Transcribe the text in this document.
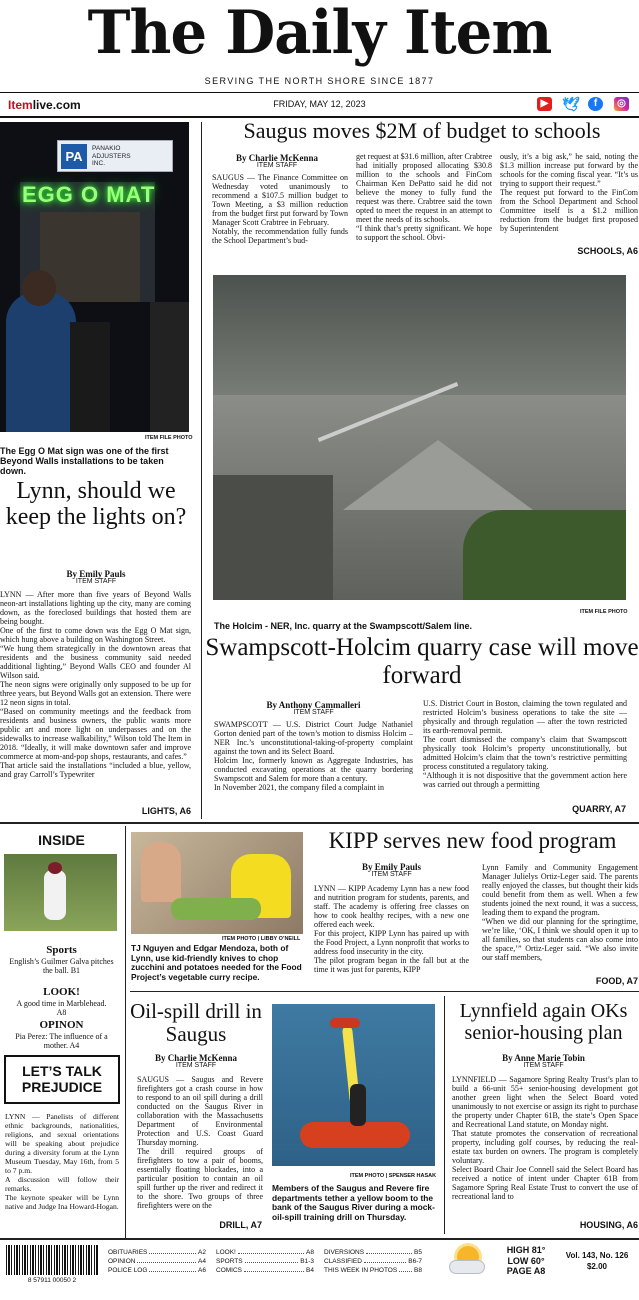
The Daily Item
SERVING THE NORTH SHORE SINCE 1877
Itemlive.com	FRIDAY, MAY 12, 2023	▶ 🕊	f	◎
PA
PANAKIO
ADJUSTERS
INC.
EGG O MAT
ITEM FILE PHOTO
The Egg O Mat sign was one of the first Beyond Walls installations to be taken down.
Lynn, should we keep the lights on?
By Emily Pauls
ITEM STAFF
LYNN — After more than five years of Beyond Walls neon-art installations lighting up the city, many are coming down, as the foreclosed buildings that hosted them are being bought.
One of the first to come down was the Egg O Mat sign, which hung above a building on Washington Street.
“We hung them strategically in the downtown areas that residents and the business community said needed additional lighting,” Beyond Walls CEO and founder Al Wilson said.
The neon signs were originally only supposed to be up for three years, but Beyond Walls got an extension. There were 12 neon signs in total.
“Based on community meetings and the feedback from residents and business owners, the public wants more public art and more light on underpasses and on the sidewalks to increase walkability,” Wilson told The Item in 2018. “Ideally, it will make downtown safer and improve commerce at mom-and-pop shops, restaurants, and cafes.”
That article said the installations “included a blue, yellow, and gray Carroll’s Typewriter
LIGHTS, A6
Saugus moves $2M of budget to schools
By Charlie McKenna
ITEM STAFF
SAUGUS — The Finance Committee on Wednesday voted unanimously to recommend a $107.5 million budget to Town Meeting, a $3 million reduction from the budget first put forward by Town Manager Scott Crabtree in February.
Notably, the recommendation fully funds the School Department’s bud-
get request at $31.6 million, after Crabtree had initially proposed allocating $30.8 million to the schools and FinCom Chairman Ken DePatto said he did not believe the money to fully fund the request was there. Crabtree said the town opted to meet the request in an attempt to meet the needs of its schools.
“I think that’s pretty significant. We hope to support the school. Obvi-
ously, it’s a big ask,” he said, noting the $1.3 million increase put forward by the schools for the coming fiscal year. “It’s us trying to support their request.”
The request put forward to the FinCom from the School Department and School Committee itself is a $1.2 million reduction from the budget first proposed by Superintendent
SCHOOLS, A6
ITEM FILE PHOTO
The Holcim - NER, Inc. quarry at the Swampscott/Salem line.
Swampscott-Holcim quarry case will move forward
By Anthony Cammalleri
ITEM STAFF
SWAMPSCOTT — U.S. District Court Judge Nathaniel Gorton denied part of the town’s motion to dismiss Holcim – NER Inc.’s unconstitutional-taking-of-property complaint against the town and its Select Board.
Holcim Inc, formerly known as Aggregate Industries, has conducted excavating operations at the quarry bordering Swampscott and Salem for more than a century.
In November 2021, the company filed a complaint in
U.S. District Court in Boston, claiming the town regulated and restricted Holcim’s business operations to take the site — physically and through regulation — after the town restricted its earth-removal permit.
The court dismissed the company’s claim that Swampscott physically took Holcim’s property unconstitutionally, but admitted Holcim’s claim that the town’s restrictive permitting process constituted a regulatory taking.
“Although it is not dispositive that the government action here was carried out through a permitting
QUARRY, A7
INSIDE
Sports
English’s Guilmer Galva pitches the ball. B1
LOOK!
A good time in Marblehead. A8
OPINON
Pia Perez: The influence of a mother. A4
LET’S TALK PREJUDICE
LYNN — Panelists of different ethnic backgrounds, nationalities, religions, and sexual orientations will be speaking about prejudice during a diversity forum at the Lynn Museum Tuesday, May 16th, from 5 to 7 p.m.
A discussion will follow their remarks.
The keynote speaker will be Lynn native and Judge Ina Howard-Hogan.
ITEM PHOTO | LIBBY O’NEILL
TJ Nguyen and Edgar Mendoza, both of Lynn, use kid-friendly knives to chop zucchini and potatoes needed for the Food Project’s vegetable curry recipe.
KIPP serves new food program
By Emily Pauls
ITEM STAFF
LYNN — KIPP Academy Lynn has a new food and nutrition program for students, parents, and staff. The academy is offering free classes on how to cook healthy recipes, with a new one offered each week.
For this project, KIPP Lynn has paired up with the Food Project, a Lynn nonprofit that works to address food insecurity in the city.
The pilot program began in the fall but at the time it was just for parents, KIPP
Lynn Family and Community Engagement Manager Julielys Ortiz-Leger said. The parents really enjoyed the classes, but thought their kids could benefit from them as well. When a few students joined the next round, it was a success, leading them to expand the program.
“When we did our planning for the springtime, we’re like, ‘OK, I think we should open it up to all families, so that students can also come into the space,’” Ortiz-Leger said. “We also invite our staff members,
FOOD, A7
Oil-spill drill in Saugus
By Charlie McKenna
ITEM STAFF
SAUGUS — Saugus and Revere firefighters got a crash course in how to respond to an oil spill during a drill conducted on the Saugus River in collaboration with the Massachusetts Department of Environmental Protection and U.S. Coast Guard Thursday morning.
The drill required groups of firefighters to tow a pair of booms, essentially floating blockades, into a particular position to contain an oil spill further up the river and redirect it to the shore. Two groups of three firefighters were on the
ITEM PHOTO | SPENSER HASAK
Members of the Saugus and Revere fire departments tether a yellow boom to the bank of the Saugus River during a mock-oil-spill training drill on Thursday.
DRILL, A7
Lynnfield again OKs senior-housing plan
By Anne Marie Tobin
ITEM STAFF
LYNNFIELD — Sagamore Spring Realty Trust’s plan to build a 66-unit 55+ senior-housing development got another green light when the Select Board voted unanimously to not exercise or assign its right to purchase the property under Chapter 61B, the state’s Open Space and Recreational Land statute, on Monday night.
That statute promotes the conservation of recreational property, including golf courses, by reducing the real-estate tax burden on owners. The program is completely voluntary.
Select Board Chair Joe Connell said the Select Board has received a notice of intent under Chapter 61B from Sagamore Spring Real Estate Trust to convert the use of recreational land to
HOUSING, A6
8 57911 00050 2
OBITUARIES	A2
OPINION	A4
POLICE LOG	A6
LOOK!	A8
SPORTS	B1-3
COMICS	B4
DIVERSIONS	B5
CLASSIFIED	B6-7
THIS WEEK IN PHOTOS	B8
HIGH 81°
LOW 60°
PAGE A8
Vol. 143, No. 126
$2.00
